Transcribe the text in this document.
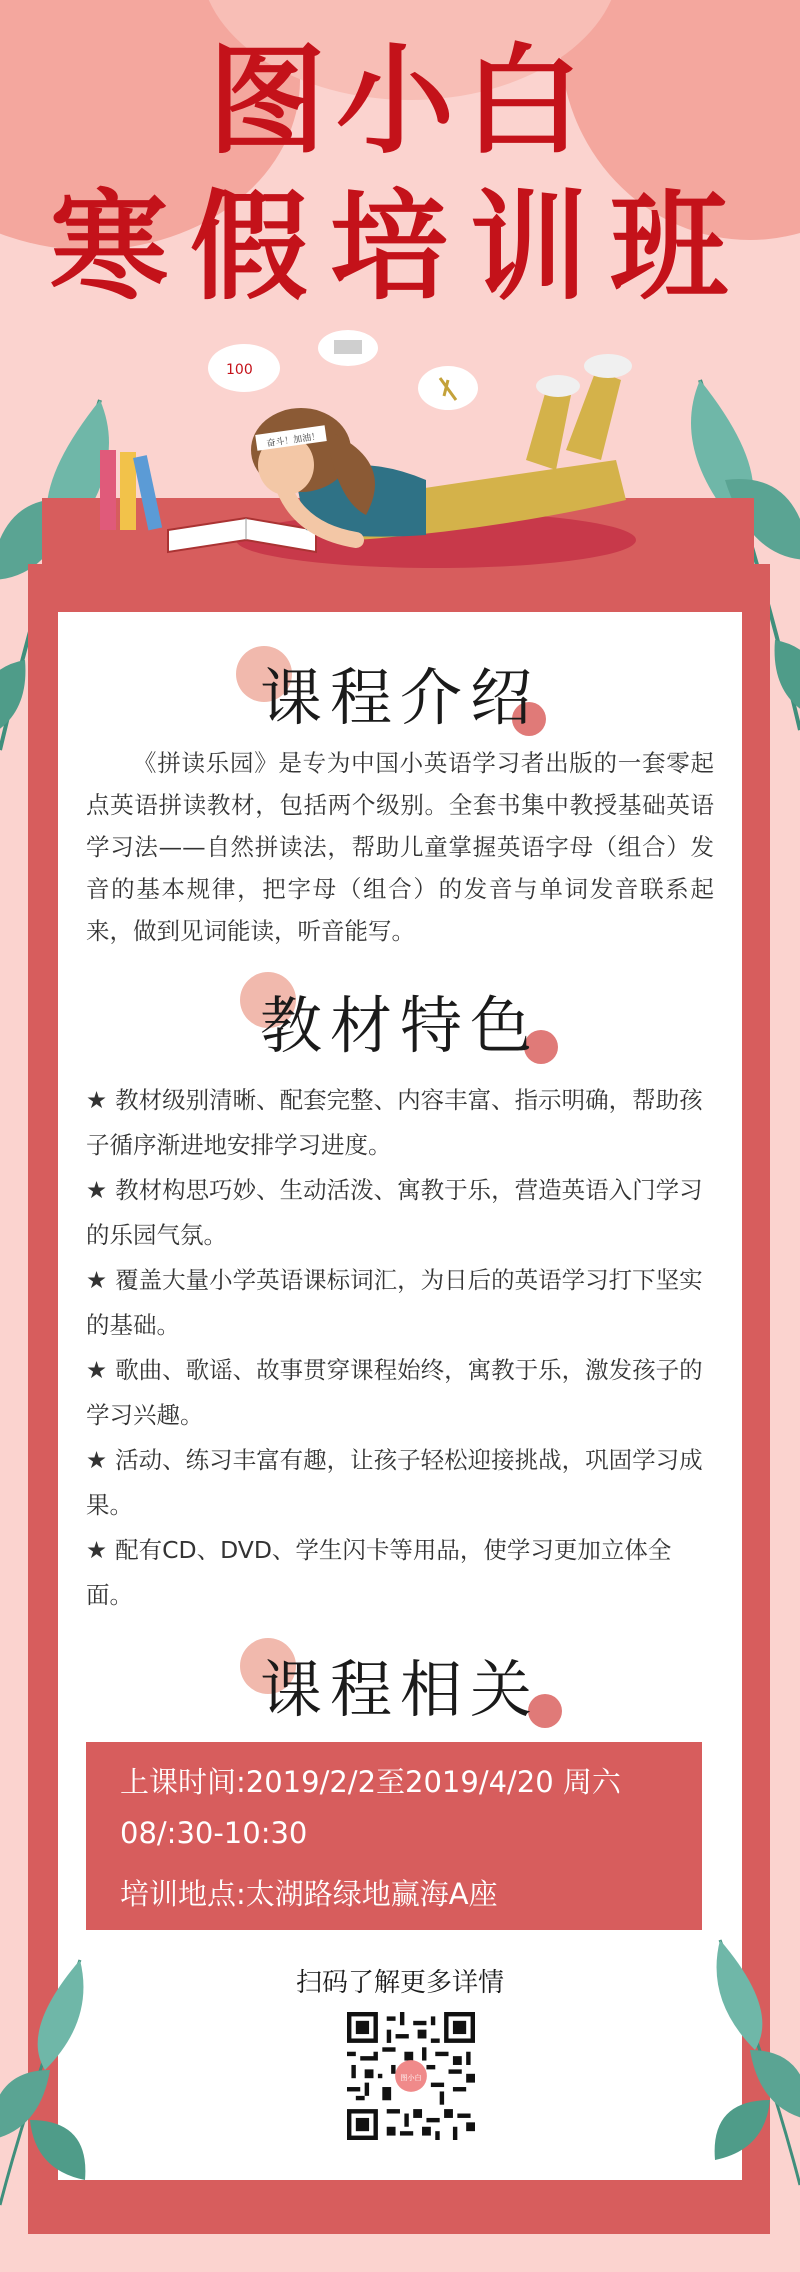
图小白
寒假培训班
奋斗！加油！
100
课程介绍

《拼读乐园》是专为中国小英语学习者出版的一套零起点英语拼读教材，包括两个级别。全套书集中教授基础英语学习法——自然拼读法，帮助儿童掌握英语字母（组合）发音的基本规律，把字母（组合）的发音与单词发音联系起来，做到见词能读，听音能写。

教材特色
★ 教材级别清晰、配套完整、内容丰富、指示明确，帮助孩子循序渐进地安排学习进度。
★ 教材构思巧妙、生动活泼、寓教于乐，营造英语入门学习的乐园气氛。
★ 覆盖大量小学英语课标词汇，为日后的英语学习打下坚实的基础。
★ 歌曲、歌谣、故事贯穿课程始终，寓教于乐，激发孩子的学习兴趣。
★ 活动、练习丰富有趣，让孩子轻松迎接挑战，巩固学习成果。
★ 配有CD、DVD、学生闪卡等用品，使学习更加立体全面。
课程相关
上课时间:2019/2/2至2019/4/20 周六
08/:30-10:30
培训地点:太湖路绿地赢海A座
扫码了解更多详情
图小白
